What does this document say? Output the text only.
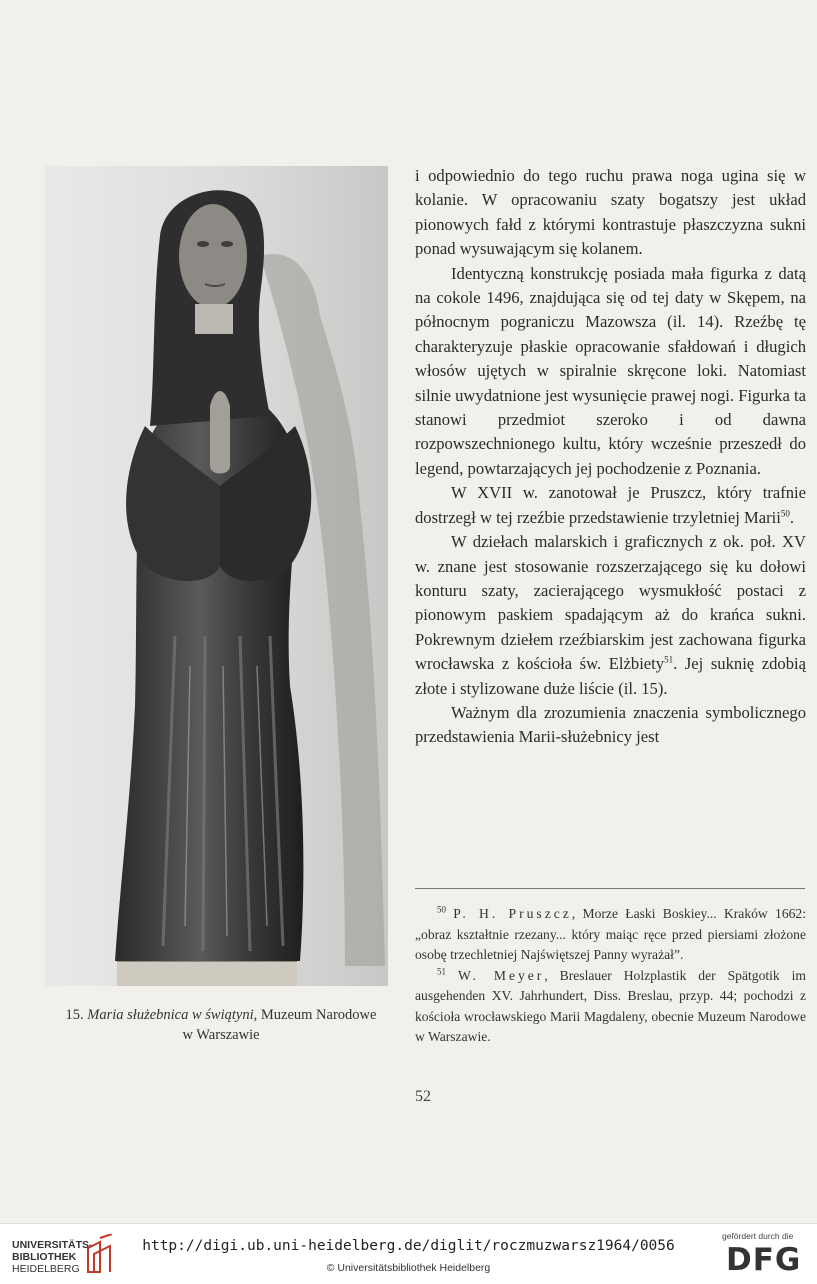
15. Maria służebnica w świątyni, Muzeum Narodowe
w Warszawie

i odpowiednio do tego ruchu prawa noga ugina się w kolanie. W opracowaniu szaty bogatszy jest układ pionowych fałd z którymi kontrastuje płaszczyzna sukni ponad wysuwającym się kolanem.

Identyczną konstrukcję posiada mała figurka z datą na cokole 1496, znajdująca się od tej daty w Skępem, na północnym pograniczu Mazowsza (il. 14). Rzeźbę tę charakteryzuje płaskie opracowanie sfałdowań i długich włosów ujętych w spiralnie skręcone loki. Natomiast silnie uwydatnione jest wysunięcie prawej nogi. Figurka ta stanowi przedmiot szeroko i od dawna rozpowszechnionego kultu, który wcześnie przeszedł do legend, powtarzających jej pochodzenie z Poznania.

W XVII w. zanotował je Pruszcz, który trafnie dostrzegł w tej rzeźbie przedstawienie trzyletniej Marii$^{50}$.

W dziełach malarskich i graficznych z ok. poł. XV w. znane jest stosowanie rozszerzającego się ku dołowi konturu szaty, zacierającego wysmukłość postaci z pionowym paskiem spadającym aż do krańca sukni. Pokrewnym dziełem rzeźbiarskim jest zachowana figurka wrocławska z kościoła św. Elżbiety$^{51}$. Jej suknię zdobią złote i stylizowane duże liście (il. 15).

Ważnym dla zrozumienia znaczenia symbolicznego przedstawienia Marii-służebnicy jest

$^{50}$ P. H. Pruszcz, Morze Łaski Boskiey... Kraków 1662: „obraz kształtnie rzezany... który maiąc ręce przed piersiami złożone osobę trzechletniej Najświętszej Panny wyrażał”.

$^{51}$ W. Meyer, Breslauer Holzplastik der Spätgotik im ausgehenden XV. Jahrhundert, Diss. Breslau, przyp. 44; pochodzi z kościoła wrocławskiego Marii Magdaleny, obecnie Muzeum Narodowe w Warszawie.

52
UNIVERSITÄTS-
BIBLIOTHEK
HEIDELBERG
http://digi.ub.uni-heidelberg.de/diglit/roczmuzwarsz1964/0056
© Universitätsbibliothek Heidelberg
gefördert durch die
DFG
